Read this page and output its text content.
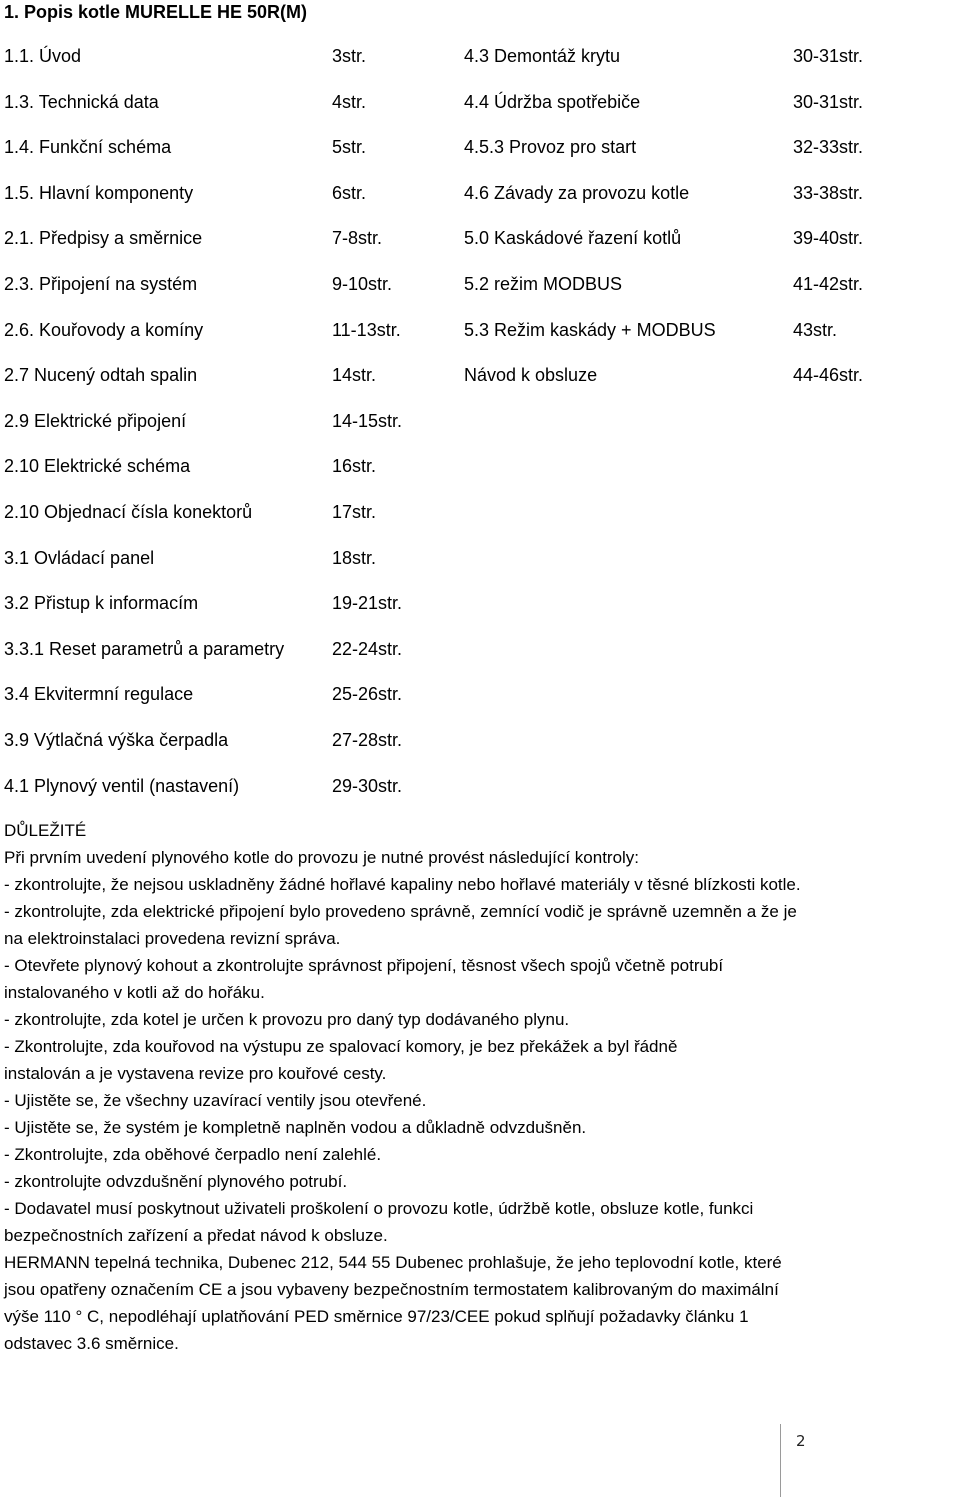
1. Popis kotle MURELLE HE 50R(M)
1.1. Úvod	3str.	4.3 Demontáž krytu	30-31str.
1.3. Technická data	4str.	4.4 Údržba spotřebiče	30-31str.
1.4. Funkční schéma	5str.	4.5.3 Provoz pro start	32-33str.
1.5. Hlavní komponenty	6str.	4.6 Závady za provozu kotle	33-38str.
2.1. Předpisy a směrnice	7-8str.	5.0 Kaskádové řazení kotlů	39-40str.
2.3. Připojení na systém	9-10str.	5.2 režim MODBUS	41-42str.
2.6. Kouřovody a komíny	11-13str.	5.3 Režim kaskády + MODBUS	43str.
2.7 Nucený odtah spalin	14str.	Návod k obsluze	44-46str.
2.9 Elektrické připojení	14-15str.
2.10 Elektrické schéma	16str.
2.10 Objednací čísla konektorů	17str.
3.1 Ovládací panel	18str.
3.2 Přistup k informacím	19-21str.
3.3.1 Reset parametrů a parametry	22-24str.
3.4 Ekvitermní regulace	25-26str.
3.9 Výtlačná výška čerpadla	27-28str.
4.1 Plynový ventil (nastavení)	29-30str.
DŮLEŽITÉ
Při prvním uvedení plynového kotle do provozu je nutné provést následující kontroly:
- zkontrolujte, že nejsou uskladněny žádné hořlavé kapaliny nebo hořlavé materiály v těsné blízkosti kotle.
- zkontrolujte, zda elektrické připojení bylo provedeno správně, zemnící vodič je správně uzemněn a že je
na elektroinstalaci provedena revizní správa.
- Otevřete plynový kohout a zkontrolujte správnost připojení, těsnost všech spojů včetně potrubí
instalovaného v kotli až do hořáku.
- zkontrolujte, zda kotel je určen k provozu pro daný typ dodávaného plynu.
- Zkontrolujte, zda kouřovod na výstupu ze spalovací komory, je bez překážek a byl řádně
instalován a je vystavena revize pro kouřové cesty.
- Ujistěte se, že všechny uzavírací ventily jsou otevřené.
- Ujistěte se, že systém je kompletně naplněn vodou a důkladně odvzdušněn.
- Zkontrolujte, zda oběhové čerpadlo není zalehlé.
- zkontrolujte odvzdušnění plynového potrubí.
- Dodavatel musí poskytnout uživateli proškolení o provozu kotle, údržbě kotle, obsluze kotle, funkci
bezpečnostních zařízení a předat návod k obsluze.
HERMANN tepelná technika, Dubenec 212, 544 55 Dubenec prohlašuje, že jeho teplovodní kotle, které
jsou opatřeny označením CE a jsou vybaveny bezpečnostním termostatem kalibrovaným do maximální
výše 110 ° C, nepodléhají uplatňování PED směrnice 97/23/CEE pokud splňují požadavky článku 1
odstavec 3.6 směrnice.
2
